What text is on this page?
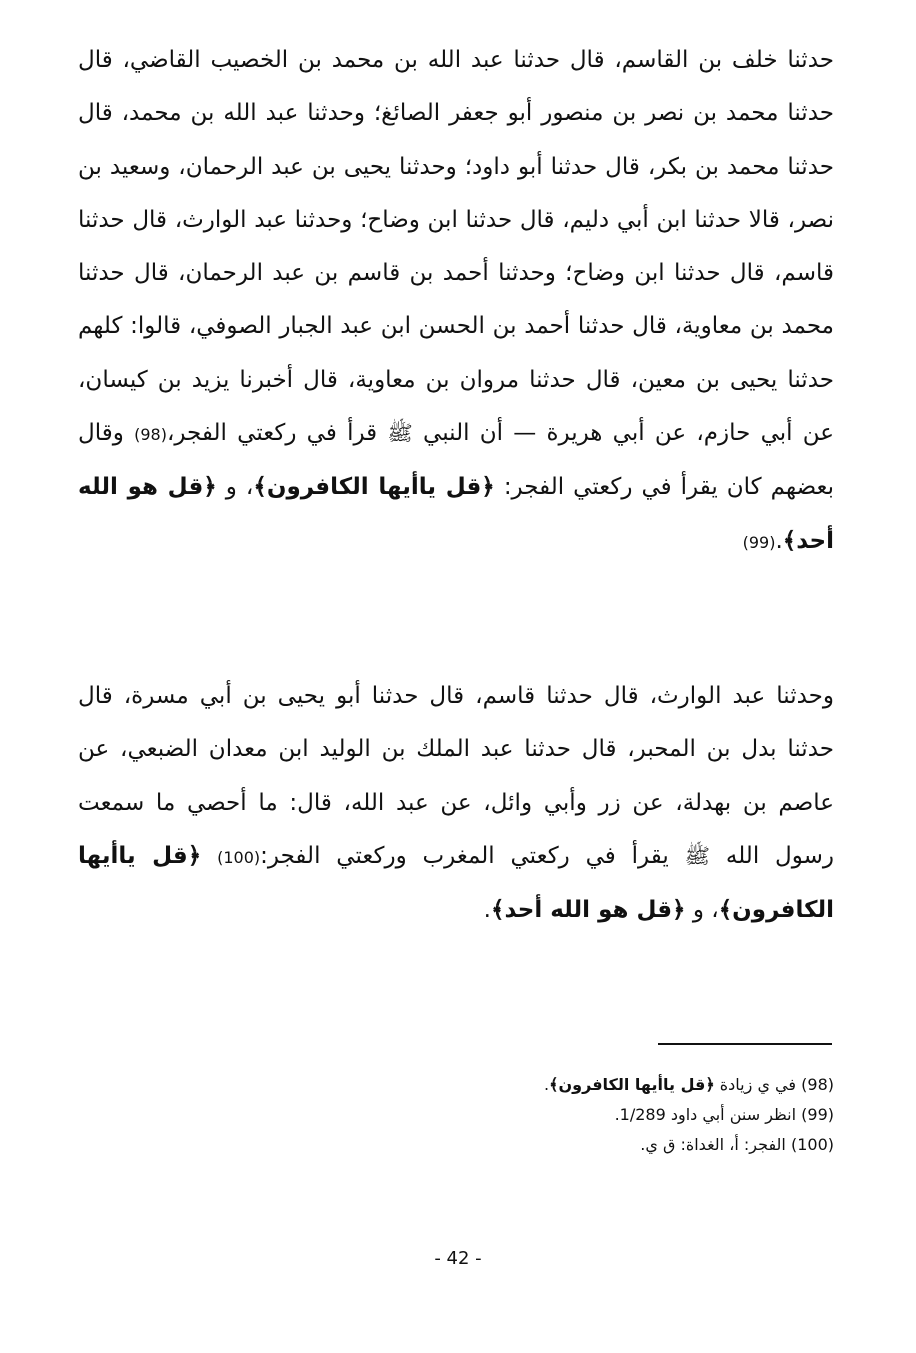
حدثنا خلف بن القاسم، قال حدثنا عبد الله بن محمد بن الخصيب القاضي، قال حدثنا محمد بن نصر بن منصور أبو جعفر الصائغ؛ وحدثنا عبد الله بن محمد، قال حدثنا محمد بن بكر، قال حدثنا أبو داود؛ وحدثنا يحيى بن عبد الرحمان، وسعيد بن نصر، قالا حدثنا ابن أبي دليم، قال حدثنا ابن وضاح؛ وحدثنا عبد الوارث، قال حدثنا قاسم، قال حدثنا ابن وضاح؛ وحدثنا أحمد بن قاسم بن عبد الرحمان، قال حدثنا محمد بن معاوية، قال حدثنا أحمد بن الحسن ابن عبد الجبار الصوفي، قالوا: كلهم حدثنا يحيى بن معين، قال حدثنا مروان بن معاوية، قال أخبرنا يزيد بن كيسان، عن أبي حازم، عن أبي هريرة — أن النبي ﷺ قرأ في ركعتي الفجر،(98) وقال بعضهم كان يقرأ في ركعتي الفجر: ﴿قل ياأيها الكافرون﴾، و ﴿قل هو الله أحد﴾.(99)

وحدثنا عبد الوارث، قال حدثنا قاسم، قال حدثنا أبو يحيى بن أبي مسرة، قال حدثنا بدل بن المحبر، قال حدثنا عبد الملك بن الوليد ابن معدان الضبعي، عن عاصم بن بهدلة، عن زر وأبي وائل، عن عبد الله، قال: ما أحصي ما سمعت رسول الله ﷺ يقرأ في ركعتي المغرب وركعتي الفجر:(100) ﴿قل ياأيها الكافرون﴾، و ﴿قل هو الله أحد﴾.

(98) في ي زيادة ﴿قل ياأيها الكافرون﴾.
(99) انظر سنن أبي داود 1/289.
(100) الفجر: أ، الغداة: ق ي.
- 42 -
